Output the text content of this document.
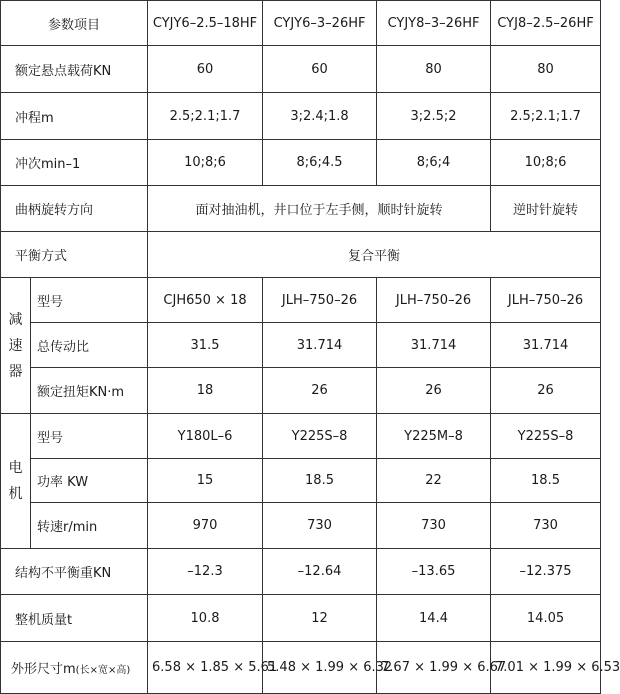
参数项目		CYJY6–2.5–18HF	CYJY6–3–26HF	CYJY8–3–26HF	CYJ8–2.5–26HF
额定悬点载荷KN		60	60	80	80
冲程m		2.5;2.1;1.7	3;2.4;1.8	3;2.5;2	2.5;2.1;1.7
冲次min–1		10;8;6	8;6;4.5	8;6;4	10;8;6
曲柄旋转方向		面对抽油机，井口位于左手侧，顺时针旋转			逆时针旋转
平衡方式		复合平衡			

减
速
器	型号	CJH650 × 18	JLH–750–26	JLH–750–26	JLH–750–26
	总传动比	31.5	31.714	31.714	31.714
	额定扭矩KN·m	18	26	26	26

电
机	型号	Y180L–6	Y225S–8	Y225M–8	Y225S–8
	功率 KW	15	18.5	22	18.5
	转速r/min	970	730	730	730
结构不平衡重KN		–12.3	–12.64	–13.65	–12.375
整机质量t		10.8	12	14.4	14.05
外形尺寸m(长×宽×高)		6.58 × 1.85 × 5.61	5.48 × 1.99 × 6.32	7.67 × 1.99 × 6.67	7.01 × 1.99 × 6.53
